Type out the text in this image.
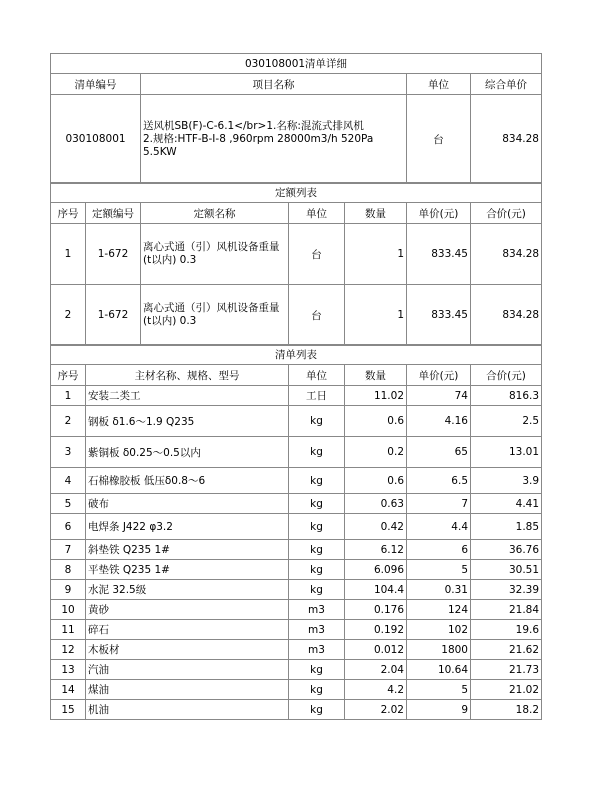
030108001清单详细			
清单编号	项目名称	单位	综合单价
030108001	送风机SB(F)-C-6.1</br>1.名称:混流式排风机
2.规格:HTF-B-I-8 ,960rpm 28000m3/h 520Pa
5.5KW	台	834.28
定额列表						
序号	定额编号	定额名称	单位	数量	单价(元)	合价(元)
1	1-672	离心式通（引）风机设备重量(t以内) 0.3	台	1	833.45	834.28
2	1-672	离心式通（引）风机设备重量(t以内) 0.3	台	1	833.45	834.28
清单列表					
序号	主材名称、规格、型号	单位	数量	单价(元)	合价(元)
1	安装二类工	工日	11.02	74	816.3
2	钢板 δ1.6～1.9 Q235	kg	0.6	4.16	2.5
3	紫铜板 δ0.25～0.5以内	kg	0.2	65	13.01
4	石棉橡胶板 低压δ0.8～6	kg	0.6	6.5	3.9
5	破布	kg	0.63	7	4.41
6	电焊条 J422 φ3.2	kg	0.42	4.4	1.85
7	斜垫铁 Q235 1#	kg	6.12	6	36.76
8	平垫铁 Q235 1#	kg	6.096	5	30.51
9	水泥 32.5级	kg	104.4	0.31	32.39
10	黄砂	m3	0.176	124	21.84
11	碎石	m3	0.192	102	19.6
12	木板材	m3	0.012	1800	21.62
13	汽油	kg	2.04	10.64	21.73
14	煤油	kg	4.2	5	21.02
15	机油	kg	2.02	9	18.2
